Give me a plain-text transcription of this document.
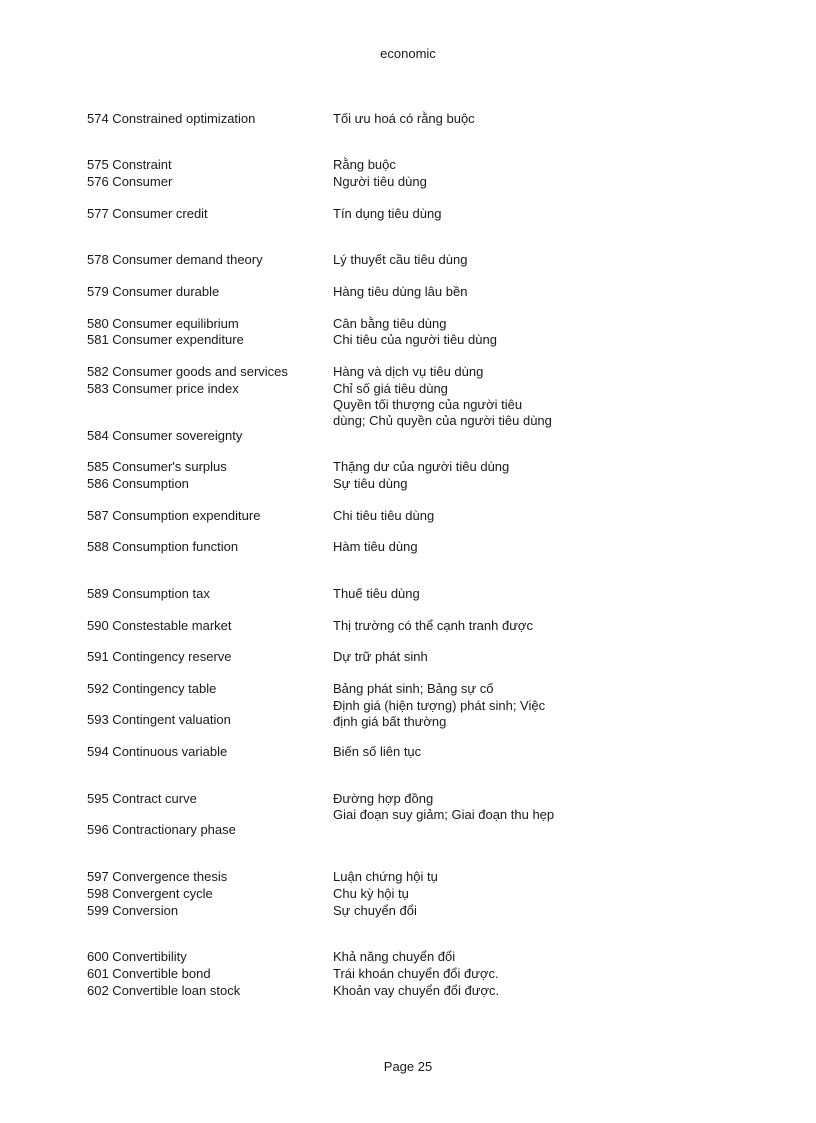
economic
574 Constrained optimization	Tối ưu hoá có rằng buộc
575 Constraint	Rằng buộc
576 Consumer	Người tiêu dùng
577 Consumer credit	Tín dụng tiêu dùng
578 Consumer demand theory	Lý thuyết cầu tiêu dùng
579 Consumer durable	Hàng tiêu dùng lâu bền
580 Consumer equilibrium	Cân bằng tiêu dùng
581 Consumer expenditure	Chi tiêu của người tiêu dùng
582 Consumer goods and services	Hàng và dịch vụ tiêu dùng
583 Consumer price index	Chỉ số giá tiêu dùng
584 Consumer sovereignty
Quyền tối thượng của người tiêu dùng; Chủ quyền của người tiêu dùng
585 Consumer's surplus	Thặng dư của người tiêu dùng
586 Consumption	Sự tiêu dùng
587 Consumption expenditure	Chi tiêu tiêu dùng
588 Consumption function	Hàm tiêu dùng
589 Consumption tax	Thuế tiêu dùng
590 Constestable market	Thị trường có thể cạnh tranh được
591 Contingency reserve	Dự trữ phát sinh
592 Contingency table	Bảng phát sinh; Bảng sự cố
593 Contingent valuation
Định giá (hiện tượng) phát sinh; Việc định giá bất thường
594 Continuous variable	Biến số liên tục
595 Contract curve	Đường hợp đồng
596 Contractionary phase
Giai đoạn suy giảm; Giai đoạn thu hẹp
597 Convergence thesis	Luận chứng hội tụ
598 Convergent cycle	Chu kỳ hội tụ
599 Conversion	Sự chuyển đổi
600 Convertibility	Khả năng chuyển đổi
601 Convertible bond	Trái khoán chuyển đổi được.
602 Convertible loan stock	Khoản vay chuyển đổi được.
Page 25
